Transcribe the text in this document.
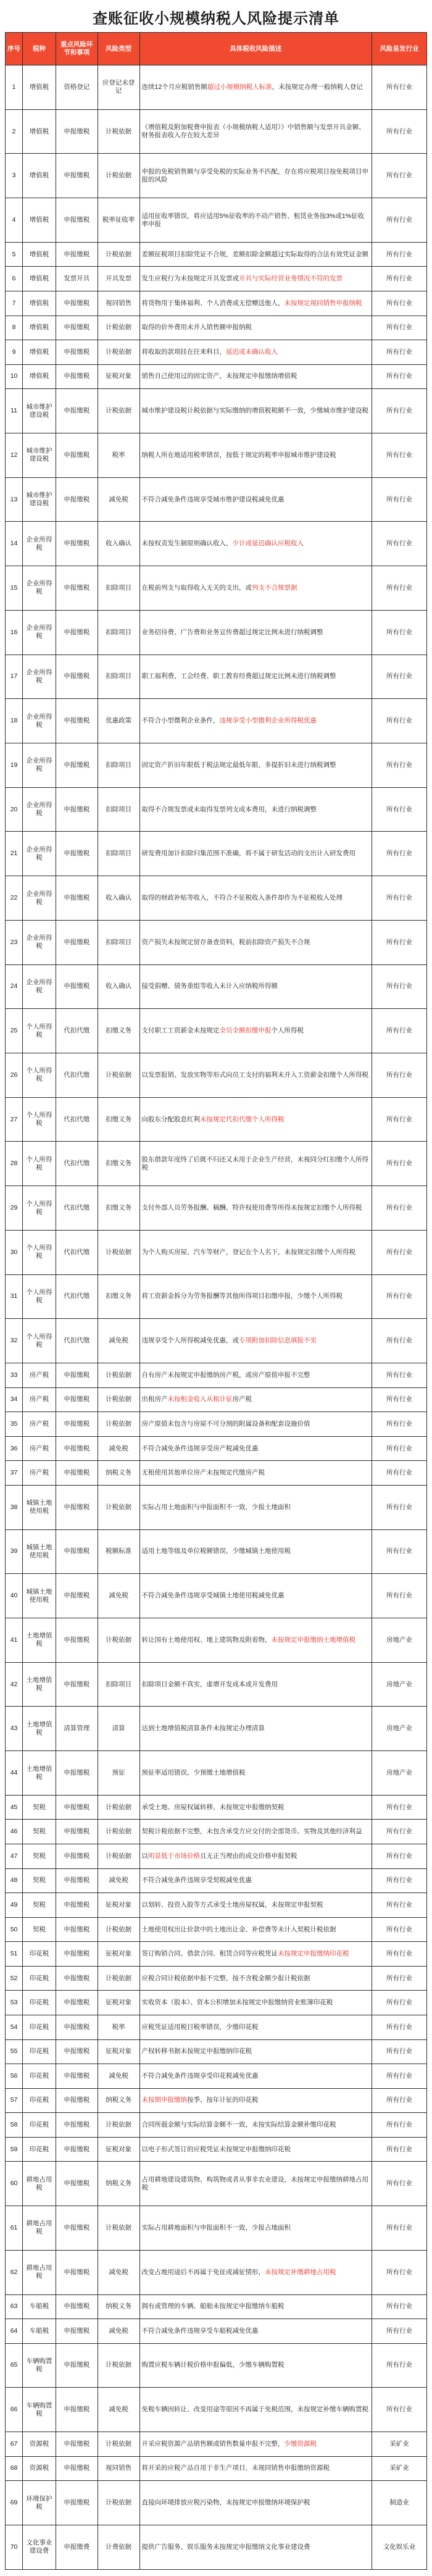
查账征收小规模纳税人风险提示清单
序号	税种	重点风险环节和事项	风险类型	具体税收风险描述	风险易发行业
1	增值税	资格登记	应登记未登记	连续12个月应税销售额超过小规模纳税人标准，未按规定办理一般纳税人登记	所有行业
2	增值税	申报缴税	计税依据	《增值税及附加税费申报表（小规模纳税人适用）》中销售额与发票开具金额、财务报表收入存在较大差异	所有行业
3	增值税	申报缴税	计税依据	申报的免税销售额与享受免税的实际业务不匹配，存在将应税项目按免税项目申报的风险	所有行业
4	增值税	申报缴税	税率征收率	适用征收率错误，将应适用5%征收率的不动产销售、租赁业务按3%或1%征收率申报	所有行业
5	增值税	申报缴税	计税依据	差额征税项目扣除凭证不合规，差额扣除金额超过实际取得的合法有效凭证金额	所有行业
6	增值税	发票开具	开具发票	发生应税行为未按规定开具发票或开具与实际经营业务情况不符的发票	所有行业
7	增值税	申报缴税	视同销售	将货物用于集体福利、个人消费或无偿赠送他人，未按规定视同销售申报纳税	所有行业
8	增值税	申报缴税	计税依据	取得的价外费用未并入销售额申报纳税	所有行业
9	增值税	申报缴税	计税依据	将收取的款项挂在往来科目，延迟或未确认收入	所有行业
10	增值税	申报缴税	征税对象	销售自己使用过的固定资产，未按规定申报缴纳增值税	所有行业
11	城市维护建设税	申报缴税	计税依据	城市维护建设税计税依据与实际缴纳的增值税税额不一致，少缴城市维护建设税	所有行业
12	城市维护建设税	申报缴税	税率	纳税人所在地适用税率错误，按低于规定的税率申报城市维护建设税	所有行业
13	城市维护建设税	申报缴税	减免税	不符合减免条件违规享受城市维护建设税减免优惠	所有行业
14	企业所得税	申报缴税	收入确认	未按权责发生制原则确认收入，少计或延迟确认应税收入	所有行业
15	企业所得税	申报缴税	扣除项目	在税前列支与取得收入无关的支出，或列支不合规票据	所有行业
16	企业所得税	申报缴税	扣除项目	业务招待费、广告费和业务宣传费超过规定比例未进行纳税调整	所有行业
17	企业所得税	申报缴税	扣除项目	职工福利费、工会经费、职工教育经费超过规定比例未进行纳税调整	所有行业
18	企业所得税	申报缴税	优惠政策	不符合小型微利企业条件，违规享受小型微利企业所得税优惠	所有行业
19	企业所得税	申报缴税	扣除项目	固定资产折旧年限低于税法规定最低年限，多提折旧未进行纳税调整	所有行业
20	企业所得税	申报缴税	扣除项目	取得不合规发票或未取得发票列支成本费用，未进行纳税调整	所有行业
21	企业所得税	申报缴税	扣除项目	研发费用加计扣除归集范围不准确，将不属于研发活动的支出计入研发费用	所有行业
22	企业所得税	申报缴税	收入确认	取得的财政补贴等收入，不符合不征税收入条件却作为不征税收入处理	所有行业
23	企业所得税	申报缴税	扣除项目	资产损失未按规定留存备查资料，税前扣除资产损失不合规	所有行业
24	企业所得税	申报缴税	收入确认	接受捐赠、债务重组等收入未计入应纳税所得额	所有行业
25	个人所得税	代扣代缴	扣缴义务	支付职工工资薪金未按规定全员全额扣缴申报个人所得税	所有行业
26	个人所得税	代扣代缴	计税依据	以发票报销、发放实物等形式向员工支付的福利未并入工资薪金扣缴个人所得税	所有行业
27	个人所得税	代扣代缴	扣缴义务	向股东分配股息红利未按规定代扣代缴个人所得税	所有行业
28	个人所得税	代扣代缴	扣缴义务	股东借款年度终了后既不归还又未用于企业生产经营，未视同分红扣缴个人所得税	所有行业
29	个人所得税	代扣代缴	扣缴义务	支付外部人员劳务报酬、稿酬、特许权使用费等所得未按规定扣缴个人所得税	所有行业
30	个人所得税	代扣代缴	计税依据	为个人购买房屋、汽车等财产，登记在个人名下，未按规定扣缴个人所得税	所有行业
31	个人所得税	代扣代缴	扣缴义务	将工资薪金拆分为劳务报酬等其他所得项目扣缴申报，少缴个人所得税	所有行业
32	个人所得税	代扣代缴	减免税	违规享受个人所得税减免优惠，或专项附加扣除信息填报不实	所有行业
33	房产税	申报缴税	计税依据	自有房产未按规定申报缴纳房产税，或房产原值申报不完整	所有行业
34	房产税	申报缴税	计税依据	出租房产未按租金收入从租计征房产税	所有行业
35	房产税	申报缴税	计税依据	房产原值未包含与房屋不可分割的附属设备和配套设施价值	所有行业
36	房产税	申报缴税	减免税	不符合减免条件违规享受房产税减免优惠	所有行业
37	房产税	申报缴税	纳税义务	无租使用其他单位房产未按规定代缴房产税	所有行业
38	城镇土地使用税	申报缴税	计税依据	实际占用土地面积与申报面积不一致，少报土地面积	所有行业
39	城镇土地使用税	申报缴税	税额标准	适用土地等级及单位税额错误，少缴城镇土地使用税	所有行业
40	城镇土地使用税	申报缴税	减免税	不符合减免条件违规享受城镇土地使用税减免优惠	所有行业
41	土地增值税	申报缴税	计税依据	转让国有土地使用权、地上建筑物及附着物，未按规定申报缴纳土地增值税	房地产业
42	土地增值税	申报缴税	扣除项目	扣除项目金额不真实，虚增开发成本或开发费用	房地产业
43	土地增值税	清算管理	清算	达到土地增值税清算条件未按规定办理清算	房地产业
44	土地增值税	申报缴税	预征	预征率适用错误，少预缴土地增值税	房地产业
45	契税	申报缴税	计税依据	承受土地、房屋权属转移，未按规定申报缴纳契税	所有行业
46	契税	申报缴税	计税依据	契税计税依据不完整，未包含承受方应交付的全部货币、实物及其他经济利益	所有行业
47	契税	申报缴税	计税依据	以明显低于市场价格且无正当理由的成交价格申报契税	所有行业
48	契税	申报缴税	减免税	不符合减免条件违规享受契税减免优惠	所有行业
49	契税	申报缴税	征税对象	以划转、投资入股等方式承受土地房屋权属，未按规定申报契税	所有行业
50	契税	申报缴税	计税依据	土地使用权出让价款中的土地出让金、补偿费等未计入契税计税依据	所有行业
51	印花税	申报缴税	征税对象	签订购销合同、借款合同、租赁合同等应税凭证未按规定申报缴纳印花税	所有行业
52	印花税	申报缴税	计税依据	应税合同计税依据申报不完整，按不含税金额少报计税依据	所有行业
53	印花税	申报缴税	征税对象	实收资本（股本）、资本公积增加未按规定申报缴纳营业账簿印花税	所有行业
54	印花税	申报缴税	税率	应税凭证适用税目税率错误，少缴印花税	所有行业
55	印花税	申报缴税	征税对象	产权转移书据未按规定申报缴纳印花税	所有行业
56	印花税	申报缴税	减免税	不符合减免条件违规享受印花税减免优惠	所有行业
57	印花税	申报缴税	纳税义务	未按期申报缴纳按季、按年计征的印花税	所有行业
58	印花税	申报缴税	计税依据	合同所载金额与实际结算金额不一致，未按实际结算金额补缴印花税	所有行业
59	印花税	申报缴税	征税对象	以电子形式签订的应税凭证未按规定申报缴纳印花税	所有行业
60	耕地占用税	申报缴税	纳税义务	占用耕地建设建筑物、构筑物或者从事非农业建设，未按规定申报缴纳耕地占用税	所有行业
61	耕地占用税	申报缴税	计税依据	实际占用耕地面积与申报面积不一致，少报占地面积	所有行业
62	耕地占用税	申报缴税	减免税	改变占地用途后不再属于免征或减征情形，未按规定补缴耕地占用税	所有行业
63	车船税	申报缴税	纳税义务	拥有或管理的车辆、船舶未按规定申报缴纳车船税	所有行业
64	车船税	申报缴税	减免税	不符合减免条件违规享受车船税减免优惠	所有行业
65	车辆购置税	申报缴税	计税依据	购置应税车辆计税价格申报偏低，少缴车辆购置税	所有行业
66	车辆购置税	申报缴税	减免税	免税车辆因转让、改变用途等原因不再属于免税范围，未按规定补缴车辆购置税	所有行业
67	资源税	申报缴税	计税依据	开采应税资源产品销售额或销售数量申报不完整，少缴资源税	采矿业
68	资源税	申报缴税	视同销售	将开采的应税产品自用于非生产项目，未视同销售申报缴纳资源税	采矿业
69	环境保护税	申报缴税	计税依据	直接向环境排放应税污染物，未按规定申报缴纳环境保护税	制造业
70	文化事业建设费	申报缴费	计费依据	提供广告服务、娱乐服务未按规定申报缴纳文化事业建设费	文化娱乐业
